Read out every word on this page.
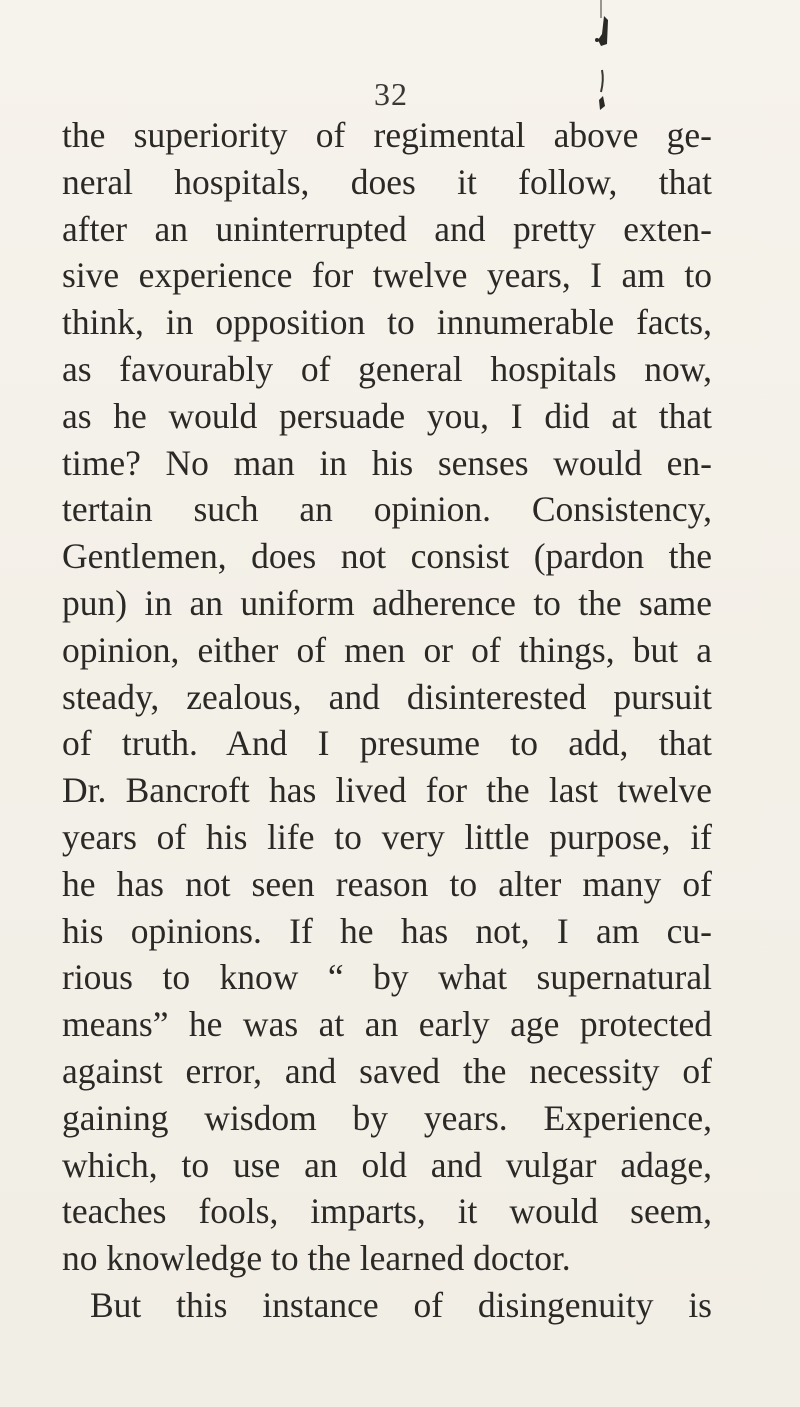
32
the superiority of regimental above ge-
neral hospitals, does it follow, that
after an uninterrupted and pretty exten-
sive experience for twelve years, I am to
think, in opposition to innumerable facts,
as favourably of general hospitals now,
as he would persuade you, I did at that
time? No man in his senses would en-
tertain such an opinion. Consistency,
Gentlemen, does not consist (pardon the
pun) in an uniform adherence to the same
opinion, either of men or of things, but a
steady, zealous, and disinterested pursuit
of truth. And I presume to add, that
Dr. Bancroft has lived for the last twelve
years of his life to very little purpose, if
he has not seen reason to alter many of
his opinions. If he has not, I am cu-
rious to know “ by what supernatural
means” he was at an early age protected
against error, and saved the necessity of
gaining wisdom by years. Experience,
which, to use an old and vulgar adage,
teaches fools, imparts, it would seem,
no knowledge to the learned doctor.
But this instance of disingenuity is
